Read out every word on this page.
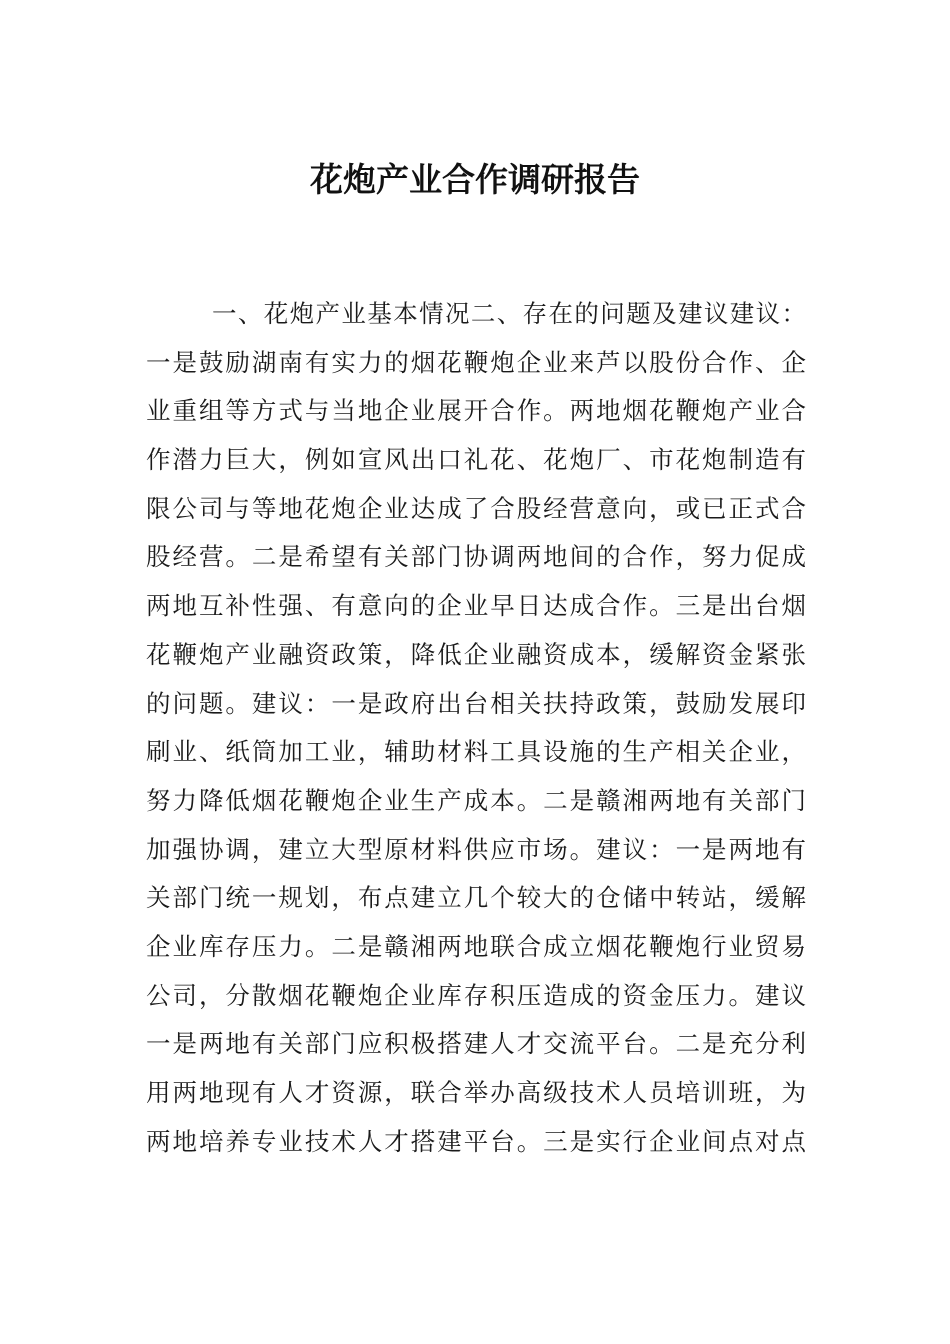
花炮产业合作调研报告
一、花炮产业基本情况二、存在的问题及建议建议：
一是鼓励湖南有实力的烟花鞭炮企业来芦以股份合作、企
业重组等方式与当地企业展开合作。两地烟花鞭炮产业合
作潜力巨大，例如宣风出口礼花、花炮厂、市花炮制造有
限公司与等地花炮企业达成了合股经营意向，或已正式合
股经营。二是希望有关部门协调两地间的合作，努力促成
两地互补性强、有意向的企业早日达成合作。三是出台烟
花鞭炮产业融资政策，降低企业融资成本，缓解资金紧张
的问题。建议：一是政府出台相关扶持政策，鼓励发展印
刷业、纸筒加工业，辅助材料工具设施的生产相关企业，
努力降低烟花鞭炮企业生产成本。二是赣湘两地有关部门
加强协调，建立大型原材料供应市场。建议：一是两地有
关部门统一规划，布点建立几个较大的仓储中转站，缓解
企业库存压力。二是赣湘两地联合成立烟花鞭炮行业贸易
公司，分散烟花鞭炮企业库存积压造成的资金压力。建议
一是两地有关部门应积极搭建人才交流平台。二是充分利
用两地现有人才资源，联合举办高级技术人员培训班，为
两地培养专业技术人才搭建平台。三是实行企业间点对点
